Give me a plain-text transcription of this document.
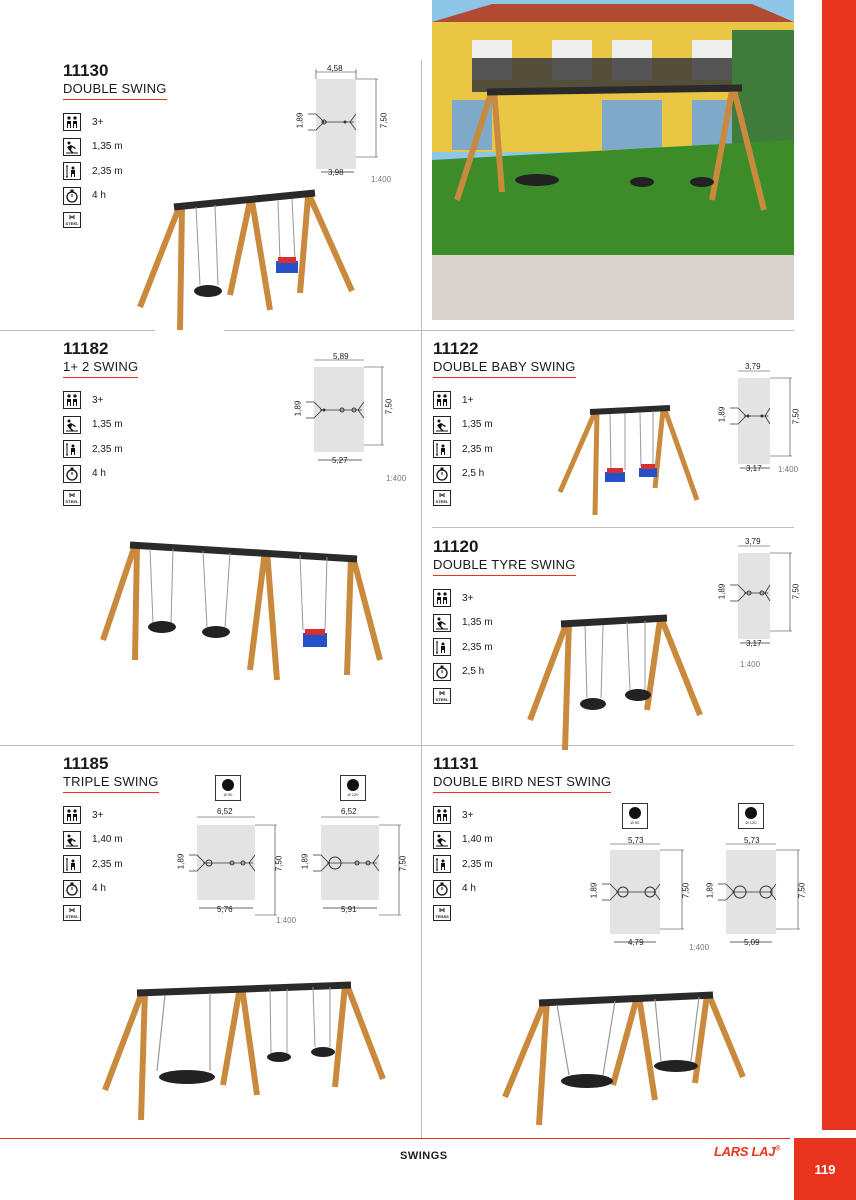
SWINGS	LARS LAJ®
119
11130
DOUBLE SWING
3+
1,35 m
2,35 m
4 h
⋈
STEEL
4,58
7,50
1,89
3,98
1:400
11182
1+ 2 SWING
3+
1,35 m
2,35 m
4 h
⋈
STEEL
5,89
7,50
1,89
5,27
1:400
11122
DOUBLE BABY SWING
1+
1,35 m
2,35 m
2,5 h
⋈
STEEL
3,79
7,50
1,89
3,17 1:400
11120
DOUBLE TYRE SWING
3+
1,35 m
2,35 m
2,5 h
⋈
STEEL
3,79
7,50
1,89
3,17
1:400
11185
TRIPLE SWING
3+
1,40 m
2,35 m
4 h
⋈
STEEL
Ø 90	Ø 120
6,52
7,50
1,89
5,76
6,52
7,50
1,89
5,91
1:400
11131
DOUBLE BIRD NEST SWING
3+
1,40 m
2,35 m
4 h
⋈
TERÄS
Ø 90	Ø 120
5,73
7,50
1,89
4,79
5,73
7,50
1,89
5,09
1:400
